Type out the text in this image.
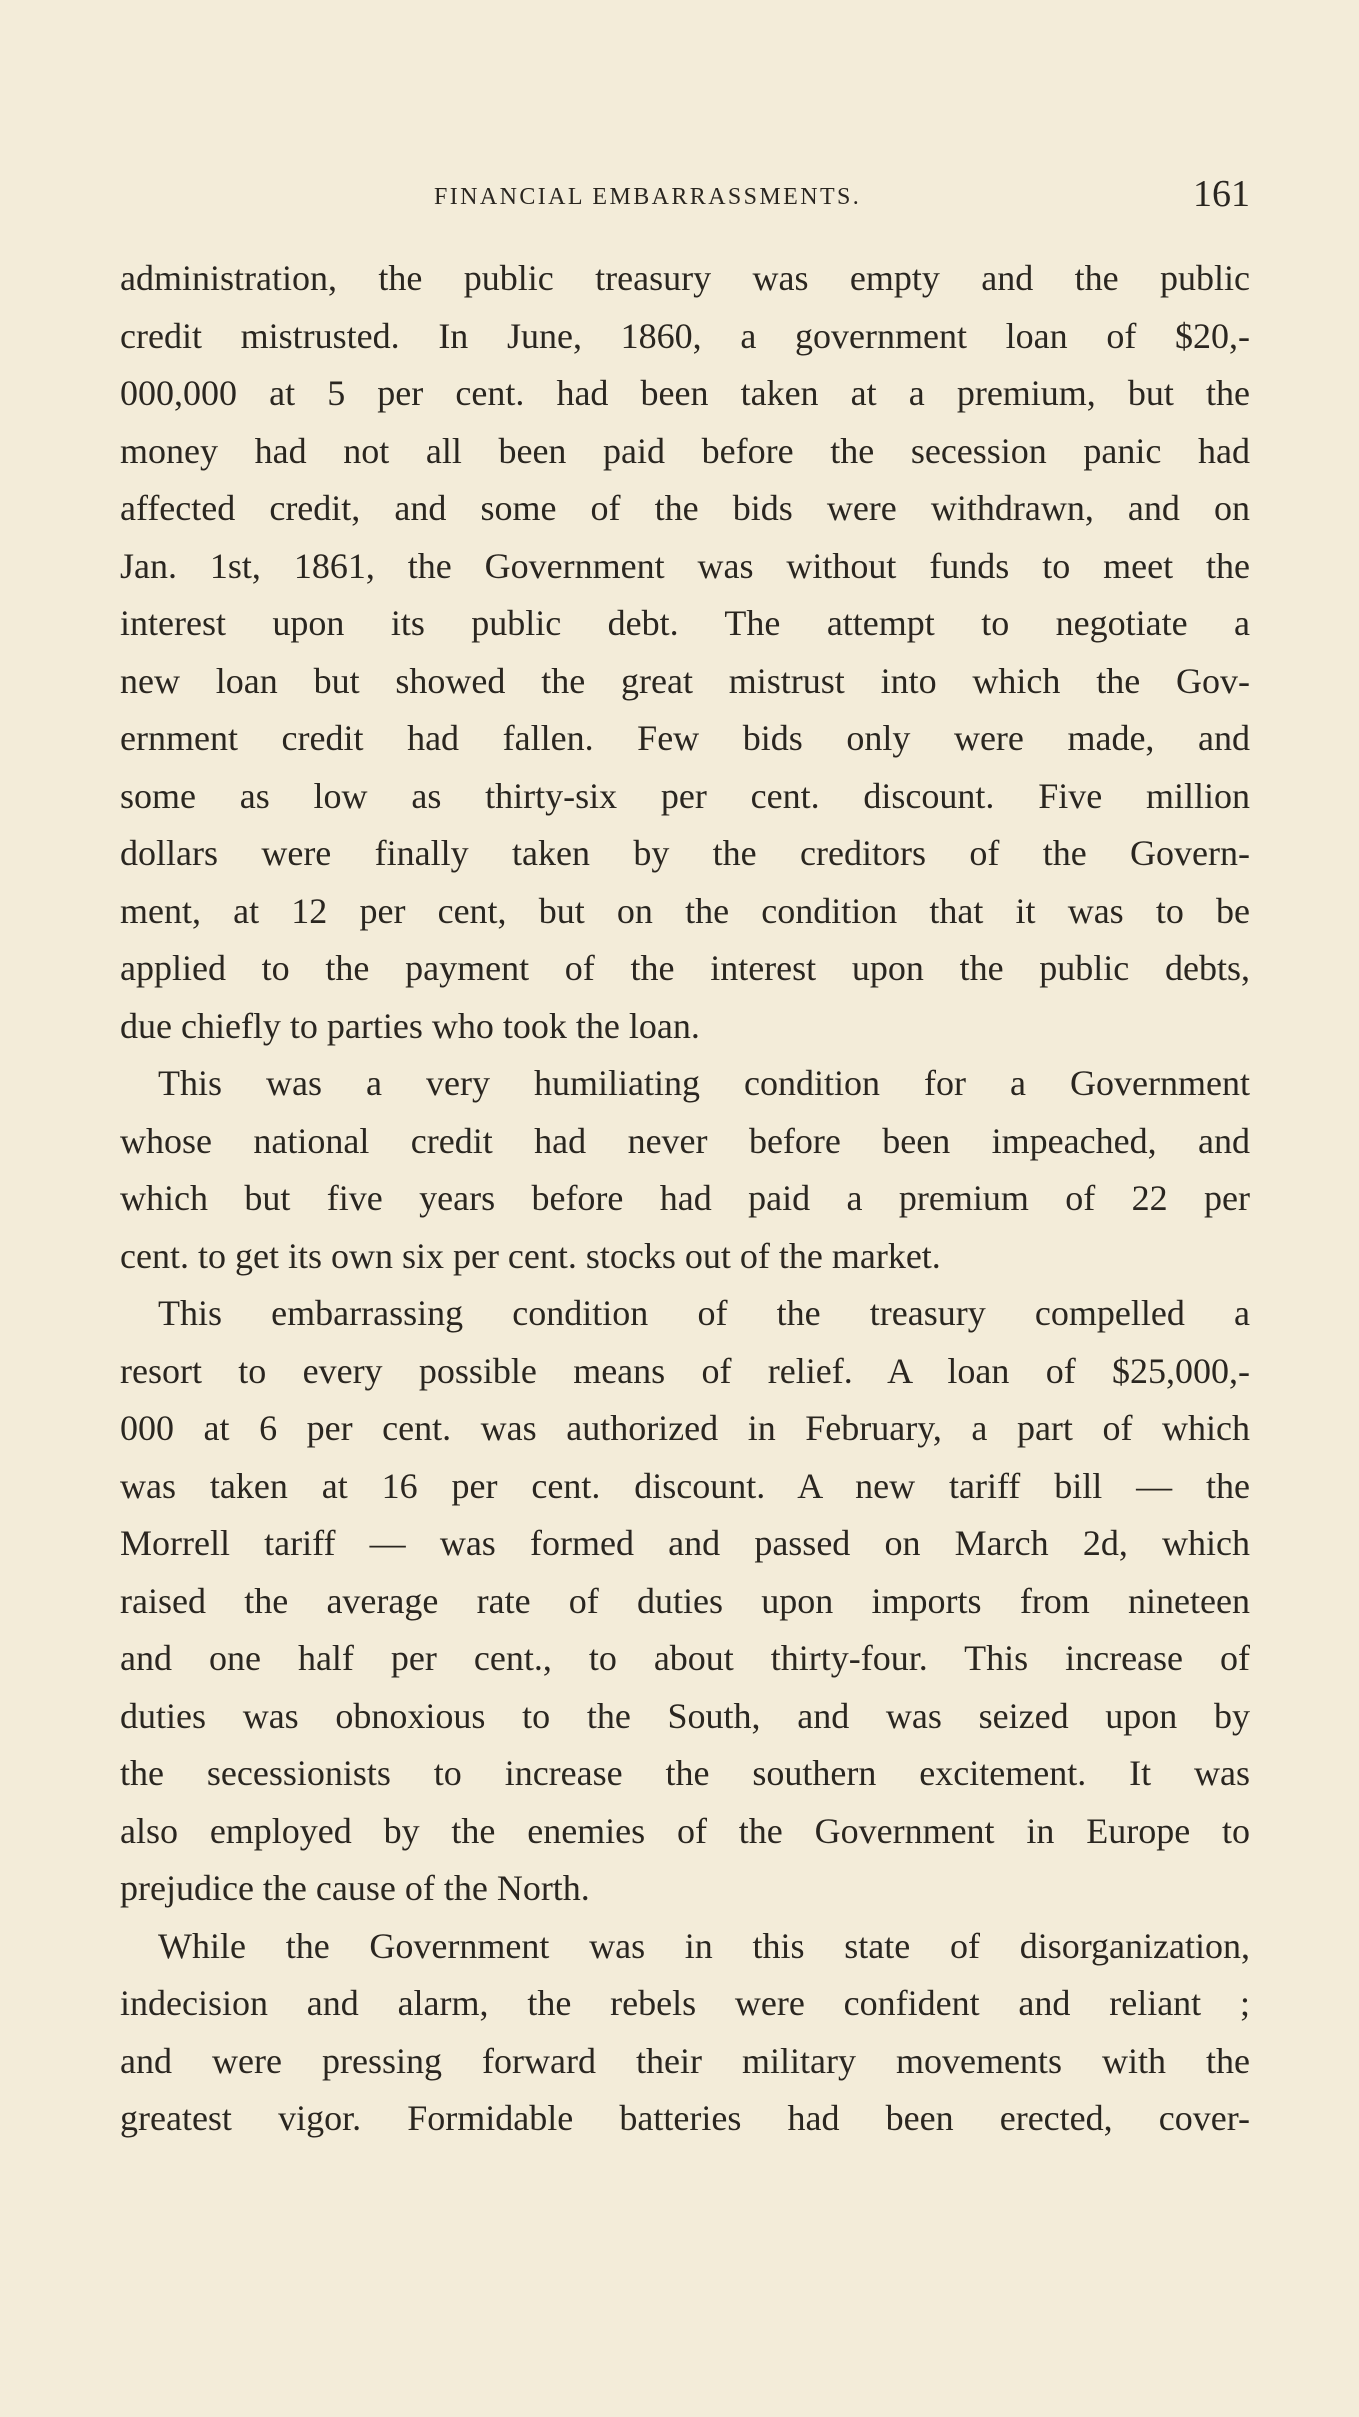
FINANCIAL EMBARRASSMENTS.	161
administration, the public treasury was empty and the public
credit mistrusted. In June, 1860, a government loan of $20,-
000,000 at 5 per cent. had been taken at a premium, but the
money had not all been paid before the secession panic had
affected credit, and some of the bids were withdrawn, and on
Jan. 1st, 1861, the Government was without funds to meet the
interest upon its public debt. The attempt to negotiate a
new loan but showed the great mistrust into which the Gov-
ernment credit had fallen. Few bids only were made, and
some as low as thirty-six per cent. discount. Five million
dollars were finally taken by the creditors of the Govern-
ment, at 12 per cent, but on the condition that it was to be
applied to the payment of the interest upon the public debts,
due chiefly to parties who took the loan.
This was a very humiliating condition for a Government
whose national credit had never before been impeached, and
which but five years before had paid a premium of 22 per
cent. to get its own six per cent. stocks out of the market.
This embarrassing condition of the treasury compelled a
resort to every possible means of relief. A loan of $25,000,-
000 at 6 per cent. was authorized in February, a part of which
was taken at 16 per cent. discount. A new tariff bill — the
Morrell tariff — was formed and passed on March 2d, which
raised the average rate of duties upon imports from nineteen
and one half per cent., to about thirty-four. This increase of
duties was obnoxious to the South, and was seized upon by
the secessionists to increase the southern excitement. It was
also employed by the enemies of the Government in Europe to
prejudice the cause of the North.
While the Government was in this state of disorganization,
indecision and alarm, the rebels were confident and reliant ;
and were pressing forward their military movements with the
greatest vigor. Formidable batteries had been erected, cover-
